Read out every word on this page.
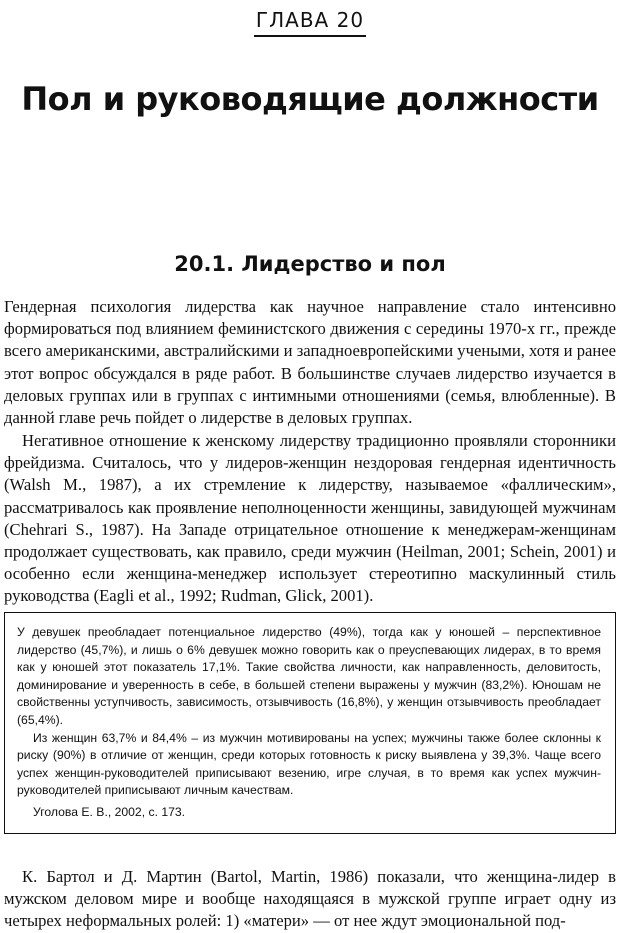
ГЛАВА 20
Пол и руководящие должности
20.1. Лидерство и пол

Гендерная психология лидерства как научное направление стало интенсивно формироваться под влиянием феминистского движения с середины 1970-х гг., прежде всего американскими, австралийскими и западноевропейскими учеными, хотя и ранее этот вопрос обсуждался в ряде работ. В большинстве случаев лидерство изучается в деловых группах или в группах с интимными отношениями (семья, влюбленные). В данной главе речь пойдет о лидерстве в деловых группах.

Негативное отношение к женскому лидерству традиционно проявляли сторонники фрейдизма. Считалось, что у лидеров-женщин нездоровая гендерная идентичность (Walsh M., 1987), а их стремление к лидерству, называемое «фаллическим», рассматривалось как проявление неполноценности женщины, завидующей мужчинам (Chehrari S., 1987). На Западе отрицательное отношение к менеджерам-женщинам продолжает существовать, как правило, среди мужчин (Heilman, 2001; Schein, 2001) и особенно если женщина-менеджер использует стереотипно маскулинный стиль руководства (Eagli et al., 1992; Rudman, Glick, 2001).

У девушек преобладает потенциальное лидерство (49%), тогда как у юношей – перспективное лидерство (45,7%), и лишь о 6% девушек можно говорить как о преуспевающих лидерах, в то время как у юношей этот показатель 17,1%. Такие свойства личности, как направленность, деловитость, доминирование и уверенность в себе, в большей степени выражены у мужчин (83,2%). Юношам не свойственны уступчивость, зависимость, отзывчивость (16,8%), у женщин отзывчивость преобладает (65,4%).

Из женщин 63,7% и 84,4% – из мужчин мотивированы на успех; мужчины также более склонны к риску (90%) в отличие от женщин, среди которых готовность к риску выявлена у 39,3%. Чаще всего успех женщин-руководителей приписывают везению, игре случая, в то время как успех мужчин-руководителей приписывают личным качествам.

Уголова Е. В., 2002, с. 173.

К. Бартол и Д. Мартин (Bartol, Martin, 1986) показали, что женщина-лидер в мужском деловом мире и вообще находящаяся в мужской группе играет одну из четырех неформальных ролей: 1) «матери» — от нее ждут эмоциональной под-
